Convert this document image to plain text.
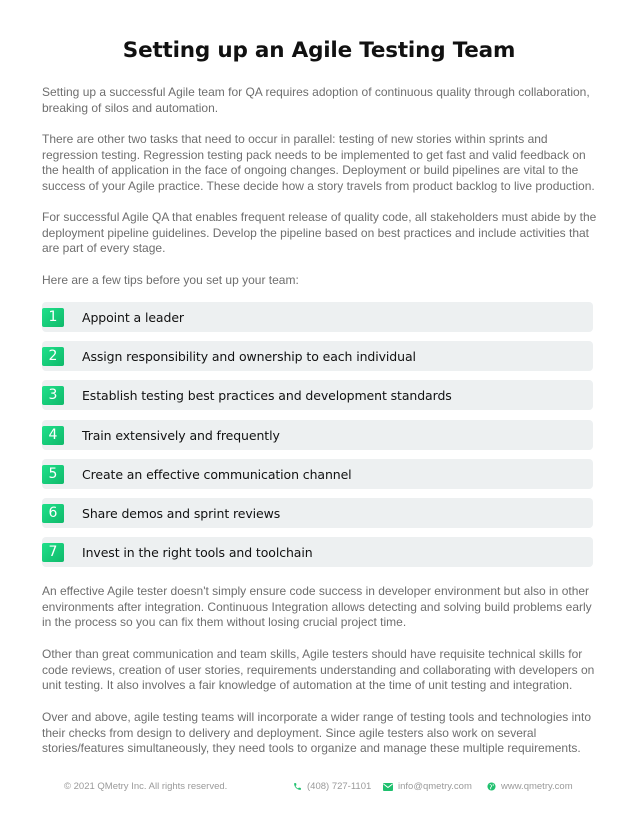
Setting up an Agile Testing Team

Setting up a successful Agile team for QA requires adoption of continuous quality through collaboration, breaking of silos and automation.

There are other two tasks that need to occur in parallel: testing of new stories within sprints and regression testing. Regression testing pack needs to be implemented to get fast and valid feedback on the health of application in the face of ongoing changes. Deployment or build pipelines are vital to the success of your Agile practice. These decide how a story travels from product backlog to live production.

For successful Agile QA that enables frequent release of quality code, all stakeholders must abide by the deployment pipeline guidelines. Develop the pipeline based on best practices and include activities that are part of every stage.

Here are a few tips before you set up your team:

1	Appoint a leader
2	Assign responsibility and ownership to each individual
3	Establish testing best practices and development standards
4	Train extensively and frequently
5	Create an effective communication channel
6	Share demos and sprint reviews
7	Invest in the right tools and toolchain

An effective Agile tester doesn't simply ensure code success in developer environment but also in other environments after integration. Continuous Integration allows detecting and solving build problems early in the process so you can fix them without losing crucial project time.

Other than great communication and team skills, Agile testers should have requisite technical skills for code reviews, creation of user stories, requirements understanding and collaborating with developers on unit testing. It also involves a fair knowledge of automation at the time of unit testing and integration.

Over and above, agile testing teams will incorporate a wider range of testing tools and technologies into their checks from design to delivery and deployment. Since agile testers also work on several stories/features simultaneously, they need tools to organize and manage these multiple requirements.

© 2021 QMetry Inc. All rights reserved.	(408) 727-1101	info@qmetry.com	www.qmetry.com
